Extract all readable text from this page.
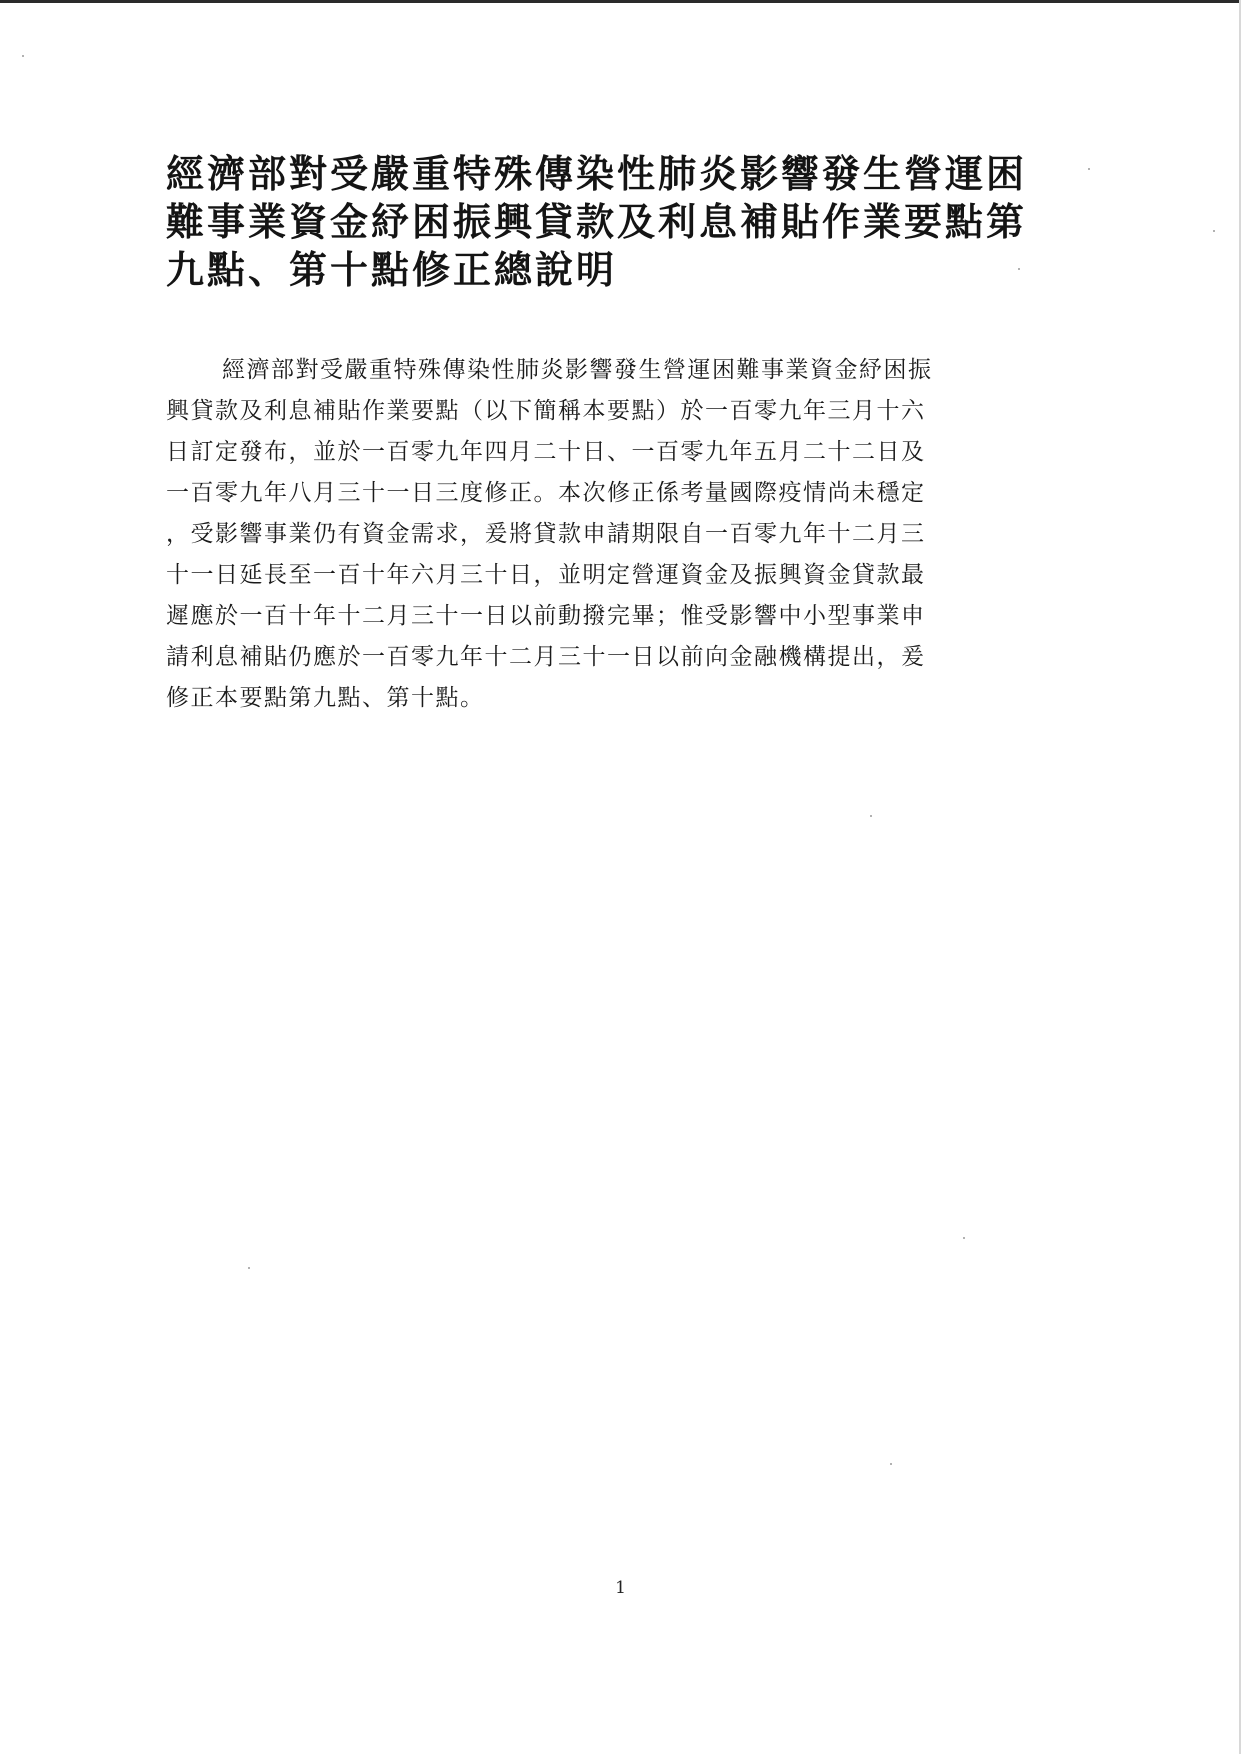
經濟部對受嚴重特殊傳染性肺炎影響發生營運困
難事業資金紓困振興貸款及利息補貼作業要點第
九點、第十點修正總說明
經濟部對受嚴重特殊傳染性肺炎影響發生營運困難事業資金紓困振
興貸款及利息補貼作業要點（以下簡稱本要點）於一百零九年三月十六
日訂定發布，並於一百零九年四月二十日、一百零九年五月二十二日及
一百零九年八月三十一日三度修正。本次修正係考量國際疫情尚未穩定
，受影響事業仍有資金需求，爰將貸款申請期限自一百零九年十二月三
十一日延長至一百十年六月三十日，並明定營運資金及振興資金貸款最
遲應於一百十年十二月三十一日以前動撥完畢；惟受影響中小型事業申
請利息補貼仍應於一百零九年十二月三十一日以前向金融機構提出，爰
修正本要點第九點、第十點。
1
